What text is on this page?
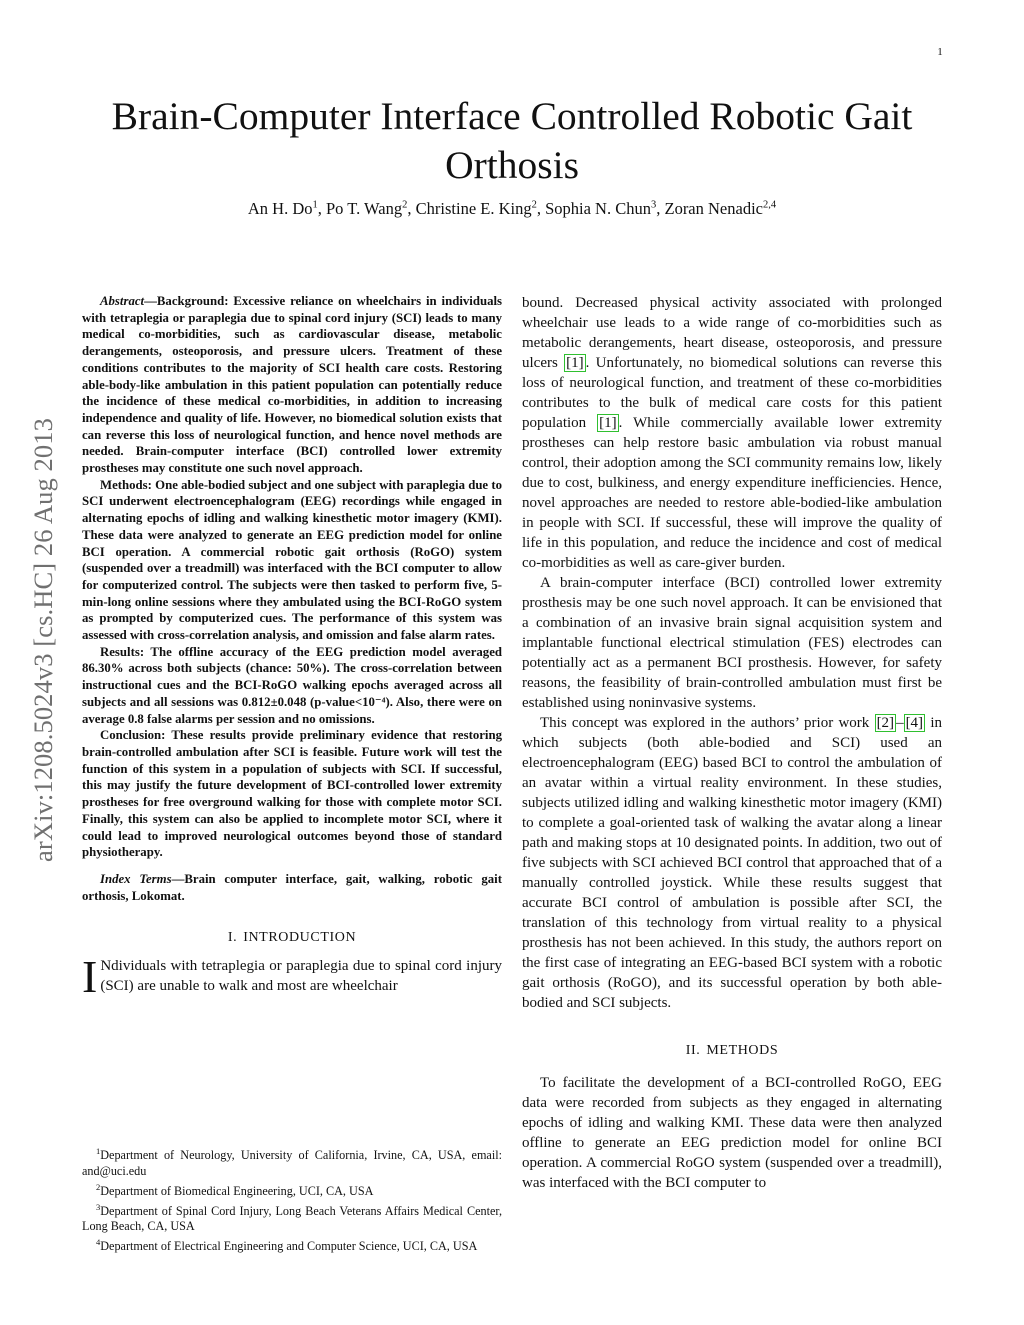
1
arXiv:1208.5024v3 [cs.HC] 26 Aug 2013
Brain-Computer Interface Controlled Robotic Gait Orthosis
An H. Do$^1$, Po T. Wang$^2$, Christine E. King$^2$, Sophia N. Chun$^3$, Zoran Nenadic$^{2,4}$

Abstract—Background: Excessive reliance on wheelchairs in individuals with tetraplegia or paraplegia due to spinal cord injury (SCI) leads to many medical co-morbidities, such as cardiovascular disease, metabolic derangements, osteoporosis, and pressure ulcers. Treatment of these conditions contributes to the majority of SCI health care costs. Restoring able-body-like ambulation in this patient population can potentially reduce the incidence of these medical co-morbidities, in addition to increasing independence and quality of life. However, no biomedical solution exists that can reverse this loss of neurological function, and hence novel methods are needed. Brain-computer interface (BCI) controlled lower extremity prostheses may constitute one such novel approach.

Methods: One able-bodied subject and one subject with paraplegia due to SCI underwent electroencephalogram (EEG) recordings while engaged in alternating epochs of idling and walking kinesthetic motor imagery (KMI). These data were analyzed to generate an EEG prediction model for online BCI operation. A commercial robotic gait orthosis (RoGO) system (suspended over a treadmill) was interfaced with the BCI computer to allow for computerized control. The subjects were then tasked to perform five, 5-min-long online sessions where they ambulated using the BCI-RoGO system as prompted by computerized cues. The performance of this system was assessed with cross-correlation analysis, and omission and false alarm rates.

Results: The offline accuracy of the EEG prediction model averaged 86.30% across both subjects (chance: 50%). The cross-correlation between instructional cues and the BCI-RoGO walking epochs averaged across all subjects and all sessions was 0.812±0.048 (p-value<10⁻⁴). Also, there were on average 0.8 false alarms per session and no omissions.

Conclusion: These results provide preliminary evidence that restoring brain-controlled ambulation after SCI is feasible. Future work will test the function of this system in a population of subjects with SCI. If successful, this may justify the future development of BCI-controlled lower extremity prostheses for free overground walking for those with complete motor SCI. Finally, this system can also be applied to incomplete motor SCI, where it could lead to improved neurological outcomes beyond those of standard physiotherapy.

Index Terms—Brain computer interface, gait, walking, robotic gait orthosis, Lokomat.

I. INTRODUCTION

I Ndividuals with tetraplegia or paraplegia due to spinal cord injury (SCI) are unable to walk and most are wheelchair

$^1$Department of Neurology, University of California, Irvine, CA, USA, email: and@uci.edu

$^2$Department of Biomedical Engineering, UCI, CA, USA

$^3$Department of Spinal Cord Injury, Long Beach Veterans Affairs Medical Center, Long Beach, CA, USA

$^4$Department of Electrical Engineering and Computer Science, UCI, CA, USA

bound. Decreased physical activity associated with prolonged wheelchair use leads to a wide range of co-morbidities such as metabolic derangements, heart disease, osteoporosis, and pressure ulcers [1] . Unfortunately, no biomedical solutions can reverse this loss of neurological function, and treatment of these co-morbidities contributes to the bulk of medical care costs for this patient population [1] . While commercially available lower extremity prostheses can help restore basic ambulation via robust manual control, their adoption among the SCI community remains low, likely due to cost, bulkiness, and energy expenditure inefficiencies. Hence, novel approaches are needed to restore able-bodied-like ambulation in people with SCI. If successful, these will improve the quality of life in this population, and reduce the incidence and cost of medical co-morbidities as well as care-giver burden.

A brain-computer interface (BCI) controlled lower extremity prosthesis may be one such novel approach. It can be envisioned that a combination of an invasive brain signal acquisition system and implantable functional electrical stimulation (FES) electrodes can potentially act as a permanent BCI prosthesis. However, for safety reasons, the feasibility of brain-controlled ambulation must first be established using noninvasive systems.

This concept was explored in the authors’ prior work [2] – [4] in which subjects (both able-bodied and SCI) used an electroencephalogram (EEG) based BCI to control the ambulation of an avatar within a virtual reality environment. In these studies, subjects utilized idling and walking kinesthetic motor imagery (KMI) to complete a goal-oriented task of walking the avatar along a linear path and making stops at 10 designated points. In addition, two out of five subjects with SCI achieved BCI control that approached that of a manually controlled joystick. While these results suggest that accurate BCI control of ambulation is possible after SCI, the translation of this technology from virtual reality to a physical prosthesis has not been achieved. In this study, the authors report on the first case of integrating an EEG-based BCI system with a robotic gait orthosis (RoGO), and its successful operation by both able-bodied and SCI subjects.

II. METHODS

To facilitate the development of a BCI-controlled RoGO, EEG data were recorded from subjects as they engaged in alternating epochs of idling and walking KMI. These data were then analyzed offline to generate an EEG prediction model for online BCI operation. A commercial RoGO system (suspended over a treadmill), was interfaced with the BCI computer to
